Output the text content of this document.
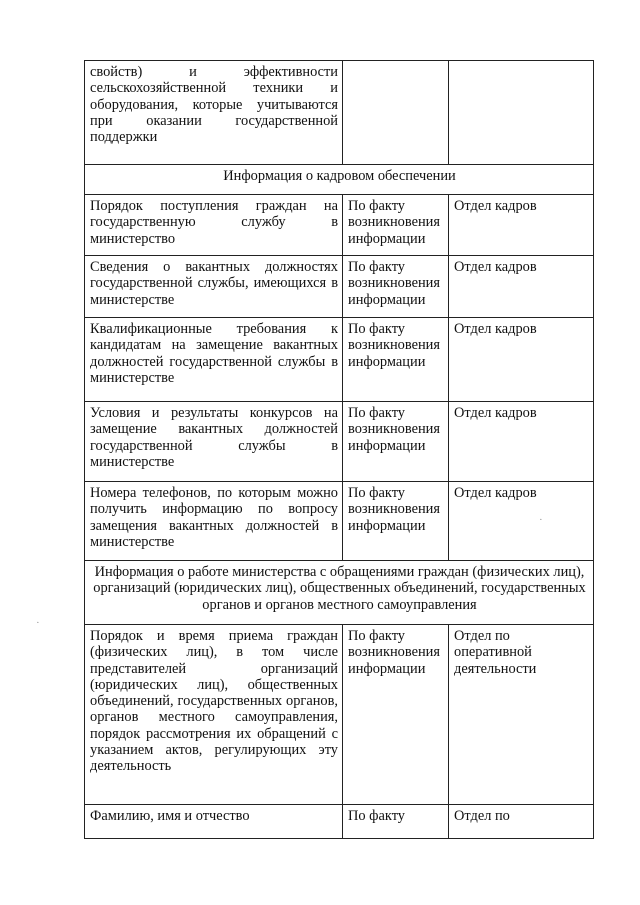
свойств) и эффективности сельскохозяйственной техники и оборудования, которые учитываются при оказании государственной поддержки		
Информация о кадровом обеспечении		
Порядок поступления граждан на государственную службу в министерство	По факту возникновения информации	Отдел кадров
Сведения о вакантных должностях государственной службы, имеющихся в министерстве	По факту возникновения информации	Отдел кадров
Квалификационные требования к кандидатам на замещение вакантных должностей государственной службы в министерстве	По факту возникновения информации	Отдел кадров
Условия и результаты конкурсов на замещение вакантных должностей государственной службы в министерстве	По факту возникновения информации	Отдел кадров
Номера телефонов, по которым можно получить информацию по вопросу замещения вакантных должностей в министерстве	По факту возникновения информации	Отдел кадров
Информация о работе министерства с обращениями граждан (физических лиц), организаций (юридических лиц), общественных объединений, государственных органов и органов местного самоуправления		
Порядок и время приема граждан (физических лиц), в том числе представителей организаций (юридических лиц), общественных объединений, государственных органов, органов местного самоуправления, порядок рассмотрения их обращений с указанием актов, регулирующих эту деятельность	По факту возникновения информации	Отдел по оперативной деятельности
Фамилию, имя и отчество	По факту	Отдел по
·
·
